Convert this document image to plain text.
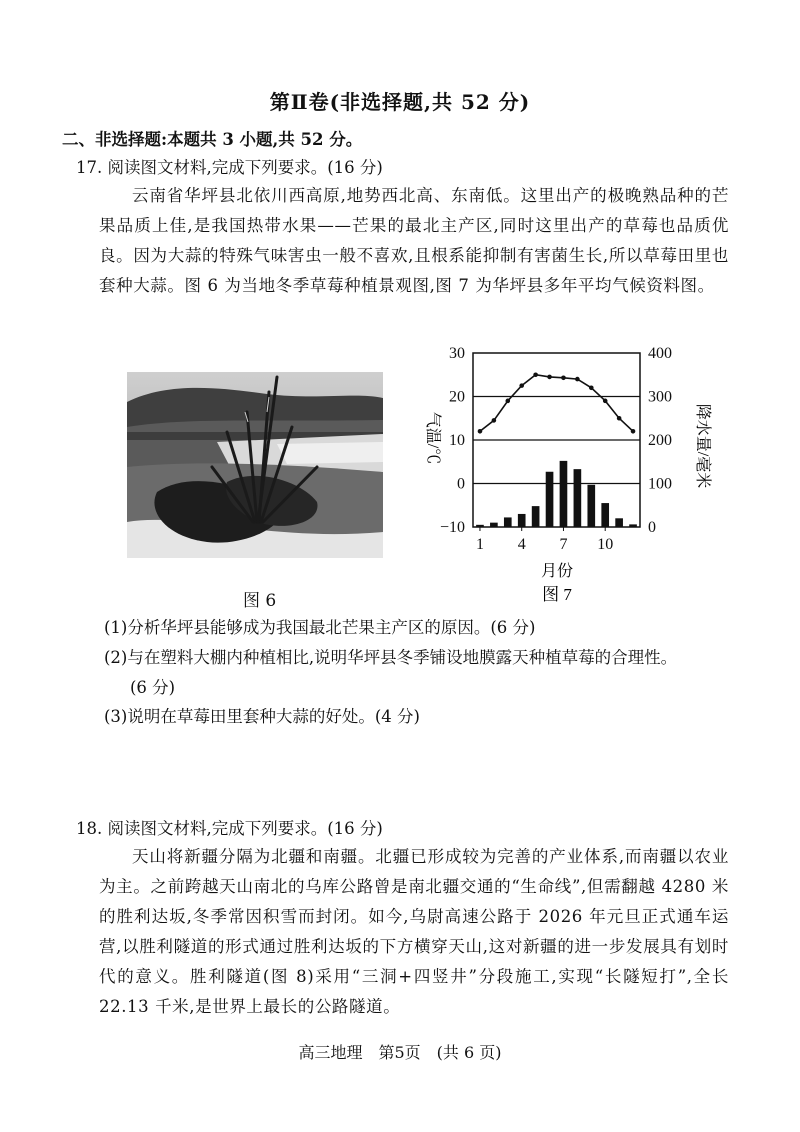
第Ⅱ卷(非选择题,共 52 分)
二、非选择题:本题共 3 小题,共 52 分。
17. 阅读图文材料,完成下列要求。(16 分)
云南省华坪县北依川西高原,地势西北高、东南低。这里出产的极晚熟品种的芒果品质上佳,是我国热带水果——芒果的最北主产区,同时这里出产的草莓也品质优良。因为大蒜的特殊气味害虫一般不喜欢,且根系能抑制有害菌生长,所以草莓田里也套种大蒜。图 6 为当地冬季草莓种植景观图,图 7 为华坪县多年平均气候资料图。
图 6
30
20
10
0
−10
400
300
200
100
0
1 4 7 10
气温/℃	降水量/毫米
月份
图 7
(1)分析华坪县能够成为我国最北芒果主产区的原因。(6 分)
(2)与在塑料大棚内种植相比,说明华坪县冬季铺设地膜露天种植草莓的合理性。
(6 分)
(3)说明在草莓田里套种大蒜的好处。(4 分)
18. 阅读图文材料,完成下列要求。(16 分)
天山将新疆分隔为北疆和南疆。北疆已形成较为完善的产业体系,而南疆以农业为主。之前跨越天山南北的乌库公路曾是南北疆交通的“生命线”,但需翻越 4280 米的胜利达坂,冬季常因积雪而封闭。如今,乌尉高速公路于 2026 年元旦正式通车运营,以胜利隧道的形式通过胜利达坂的下方横穿天山,这对新疆的进一步发展具有划时代的意义。胜利隧道(图 8)采用“三洞+四竖井”分段施工,实现“长隧短打”,全长 22.13 千米,是世界上最长的公路隧道。
高三地理　第5页　(共 6 页)
